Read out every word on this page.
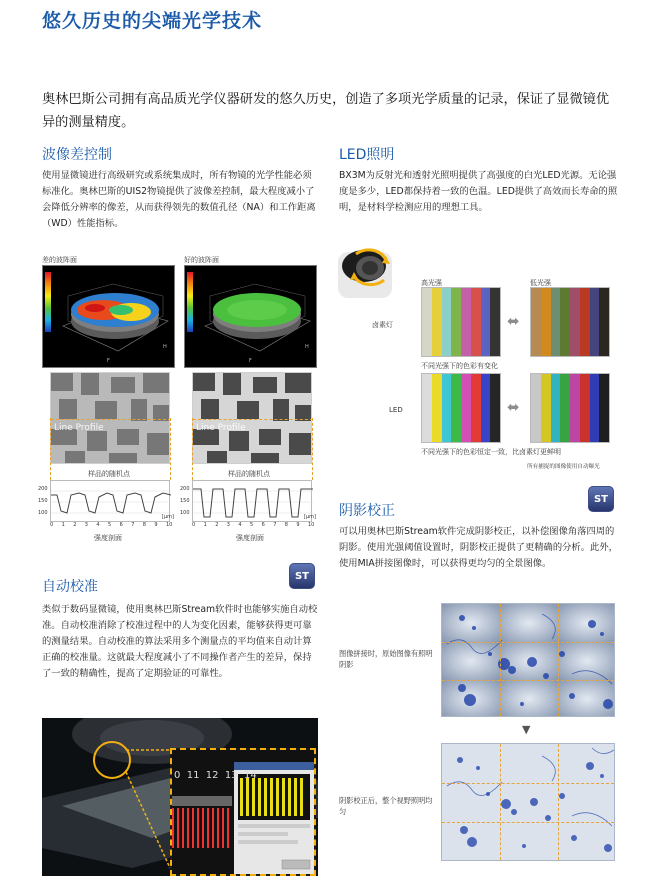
悠久历史的尖端光学技术
奥林巴斯公司拥有高品质光学仪器研发的悠久历史，创造了多项光学质量的记录，保证了显微镜优异的测量精度。
波像差控制
使用显微镜进行高级研究或系统集成时，所有物镜的光学性能必须标准化。奥林巴斯的UIS2物镜提供了波像差控制，最大程度减小了会降低分辨率的像差，从而获得领先的数值孔径（NA）和工作距离（WD）性能指标。
差的波阵面	好的波阵面
F
H
F
H
Line Profile	Line Profile
样品的随机点	样品的随机点
200
150
100
200
150
100
0 1 2 3 4 5 6 7 8 9 10	0 1 2 3 4 5 6 7 8 9 10
[µm]	[µm]
强度剖面	强度剖面
自动校准
ST
类似于数码显微镜，使用奥林巴斯Stream软件时也能够实施自动校准。自动校准消除了校准过程中的人为变化因素，能够获得更可靠的测量结果。自动校准的算法采用多个测量点的平均值来自动计算正确的校准量。这就最大程度减小了不同操作者产生的差异，保持了一致的精确性，提高了定期验证的可靠性。
0  11  12  13  14
LED照明
BX3M为反射光和透射光照明提供了高强度的白光LED光源。无论强度是多少，LED都保持着一致的色温。LED提供了高效而长寿命的照明，是材料学检测应用的理想工具。
高光强	低光强
卤素灯
LED
⬌
不同光强下的色彩有变化
⬌
不同光强下的色彩恒定一致，比卤素灯更鲜明
所有捕捉的图像使用自动曝光
阴影校正
ST
可以用奥林巴斯Stream软件完成阴影校正，以补偿图像角落四周的阴影。使用光强阈值设置时，阴影校正提供了更精确的分析。此外，使用MIA拼接图像时，可以获得更均匀的全景图像。
图像拼接时，原始图像有照明阴影
阴影校正后，整个视野照明均匀
▼
